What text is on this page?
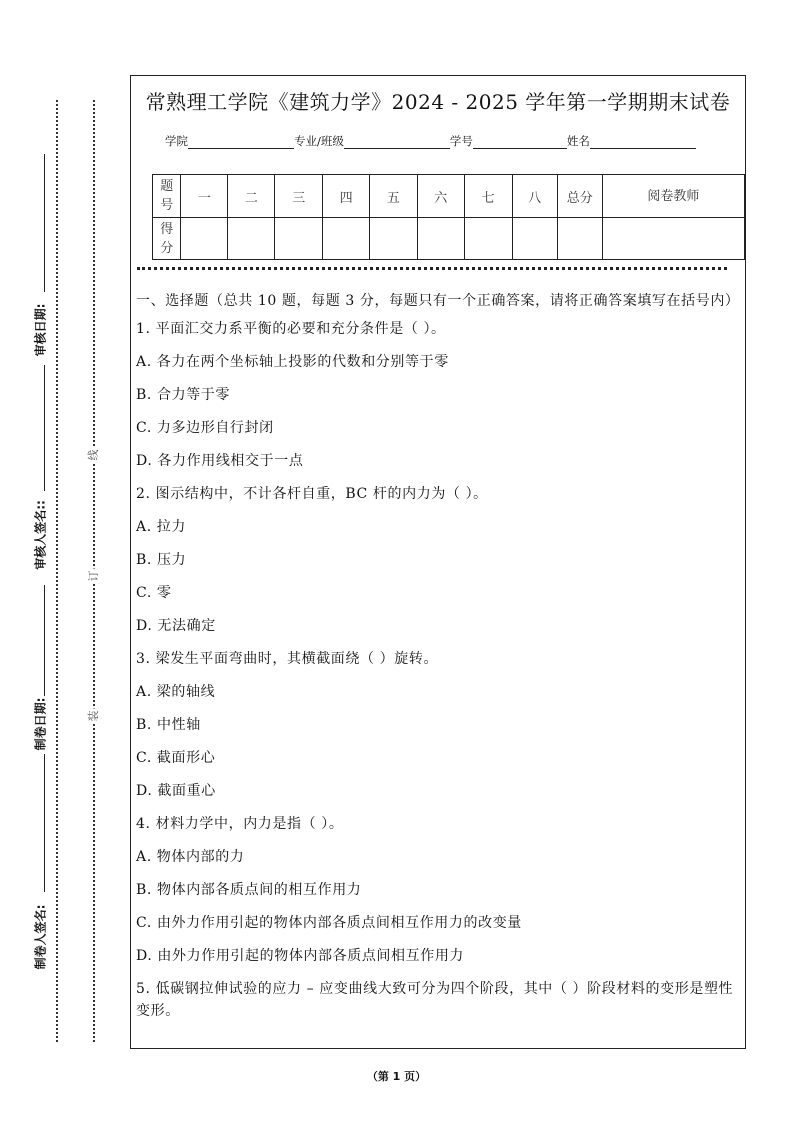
审核日期:
审核人签名::
制卷日期:
制卷人签名:
线
订
装
常熟理工学院《建筑力学》2024 - 2025 学年第一学期期末试卷
学院	专业/班级	学号	姓名
题号	一	二	三	四	五	六	七	八	总分	阅卷教师
得分										
一、选择题（总共 10 题，每题 3 分，每题只有一个正确答案，请将正确答案填写在括号内）
1. 平面汇交力系平衡的必要和充分条件是（ ）。
A. 各力在两个坐标轴上投影的代数和分别等于零
B. 合力等于零
C. 力多边形自行封闭
D. 各力作用线相交于一点
2. 图示结构中，不计各杆自重，BC 杆的内力为（ ）。
A. 拉力
B. 压力
C. 零
D. 无法确定
3. 梁发生平面弯曲时，其横截面绕（ ）旋转。
A. 梁的轴线
B. 中性轴
C. 截面形心
D. 截面重心
4. 材料力学中，内力是指（ ）。
A. 物体内部的力
B. 物体内部各质点间的相互作用力
C. 由外力作用引起的物体内部各质点间相互作用力的改变量
D. 由外力作用引起的物体内部各质点间相互作用力
5. 低碳钢拉伸试验的应力 – 应变曲线大致可分为四个阶段，其中（ ）阶段材料的变形是塑性变形。
（第 1 页）
